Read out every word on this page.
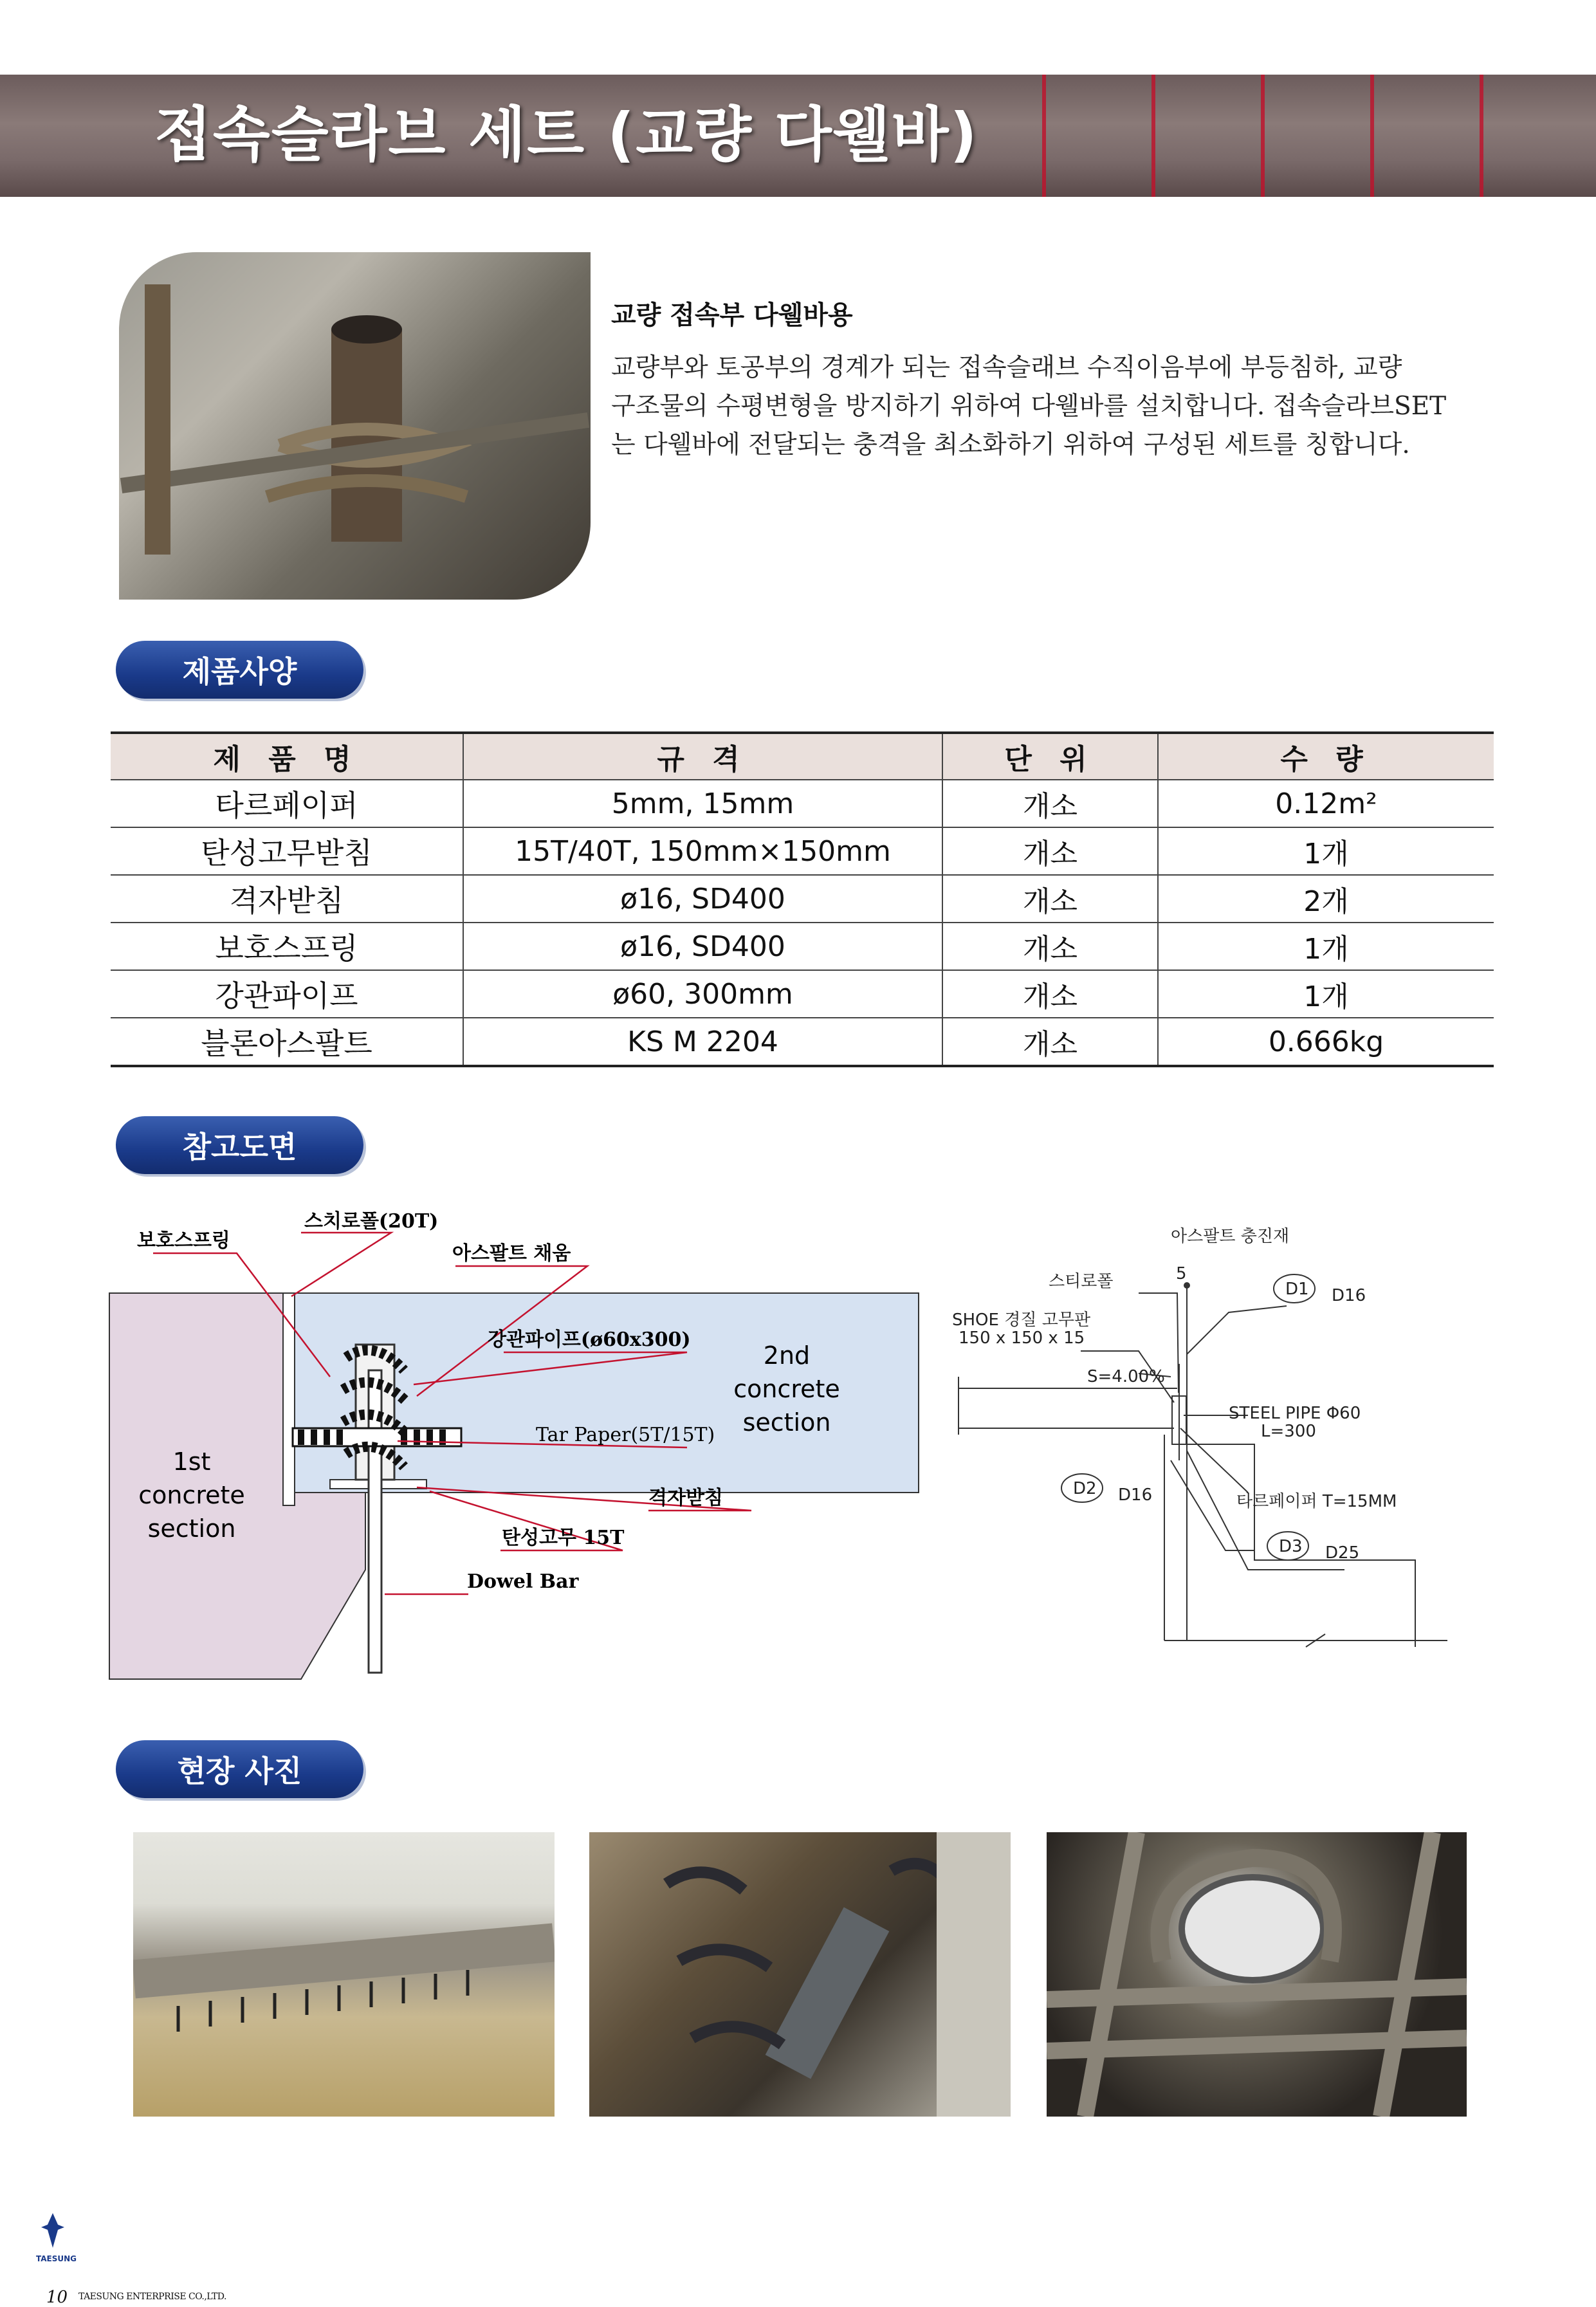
접속슬라브 세트 (교량 다웰바)
교량 접속부 다웰바용
교량부와 토공부의 경계가 되는 접속슬래브 수직이음부에 부등침하, 교량
구조물의 수평변형을 방지하기 위하여 다웰바를 설치합니다. 접속슬라브SET
는 다웰바에 전달되는 충격을 최소화하기 위하여 구성된 세트를 칭합니다.
제품사양
제 품 명	규 격	단 위	수 량
타르페이퍼	5mm, 15mm	개소	0.12m²
탄성고무받침	15T/40T, 150mm×150mm	개소	1개
격자받침	ø16, SD400	개소	2개
보호스프링	ø16, SD400	개소	1개
강관파이프	ø60, 300mm	개소	1개
블론아스팔트	KS M 2204	개소	0.666kg
참고도면
보호스프링
스치로폴(20T)
아스팔트 채움
강관파이프(ø60x300)
Tar Paper(5T/15T)
격자받침
탄성고무 15T
Dowel Bar
1st
concrete
section
2nd
concrete
section
아스팔트 충진재
스티로폴	5
D1 D16
SHOE 경질 고무판
150 x 150 x 15
S=4.00%
STEEL PIPE Φ60
L=300
D2 D16	타르페이퍼 T=15MM
D3 D25
현장 사진
TAESUNG
10 TAESUNG ENTERPRISE CO.,LTD.
